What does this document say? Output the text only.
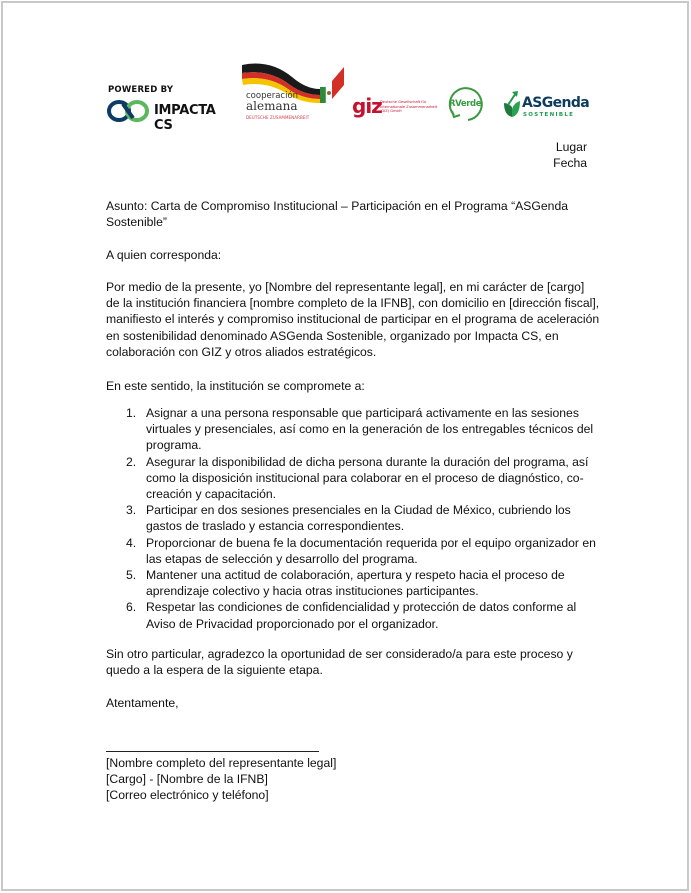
POWERED BY
IMPACTA CS
cooperación
alemana
DEUTSCHE ZUSAMMENARBEIT giz
Deutsche Gesellschaft für Internationale Zusammenarbeit (GIZ) GmbH
RVerde	ASGenda
SOSTENIBLE
Lugar
Fecha
Asunto: Carta de Compromiso Institucional – Participación en el Programa “ASGenda Sostenible”
A quien corresponda:
Por medio de la presente, yo [Nombre del representante legal], en mi carácter de [cargo] de la institución financiera [nombre completo de la IFNB], con domicilio en [dirección fiscal], manifiesto el interés y compromiso institucional de participar en el programa de aceleración en sostenibilidad denominado ASGenda Sostenible, organizado por Impacta CS, en colaboración con GIZ y otros aliados estratégicos.
En este sentido, la institución se compromete a:
1. Asignar a una persona responsable que participará activamente en las sesiones virtuales y presenciales, así como en la generación de los entregables técnicos del programa.
2. Asegurar la disponibilidad de dicha persona durante la duración del programa, así como la disposición institucional para colaborar en el proceso de diagnóstico, co-creación y capacitación.
3. Participar en dos sesiones presenciales en la Ciudad de México, cubriendo los gastos de traslado y estancia correspondientes.
4. Proporcionar de buena fe la documentación requerida por el equipo organizador en las etapas de selección y desarrollo del programa.
5. Mantener una actitud de colaboración, apertura y respeto hacia el proceso de aprendizaje colectivo y hacia otras instituciones participantes.
6. Respetar las condiciones de confidencialidad y protección de datos conforme al Aviso de Privacidad proporcionado por el organizador.
Sin otro particular, agradezco la oportunidad de ser considerado/a para este proceso y quedo a la espera de la siguiente etapa.
Atentamente,
[Nombre completo del representante legal]
[Cargo] - [Nombre de la IFNB]
[Correo electrónico y teléfono]
